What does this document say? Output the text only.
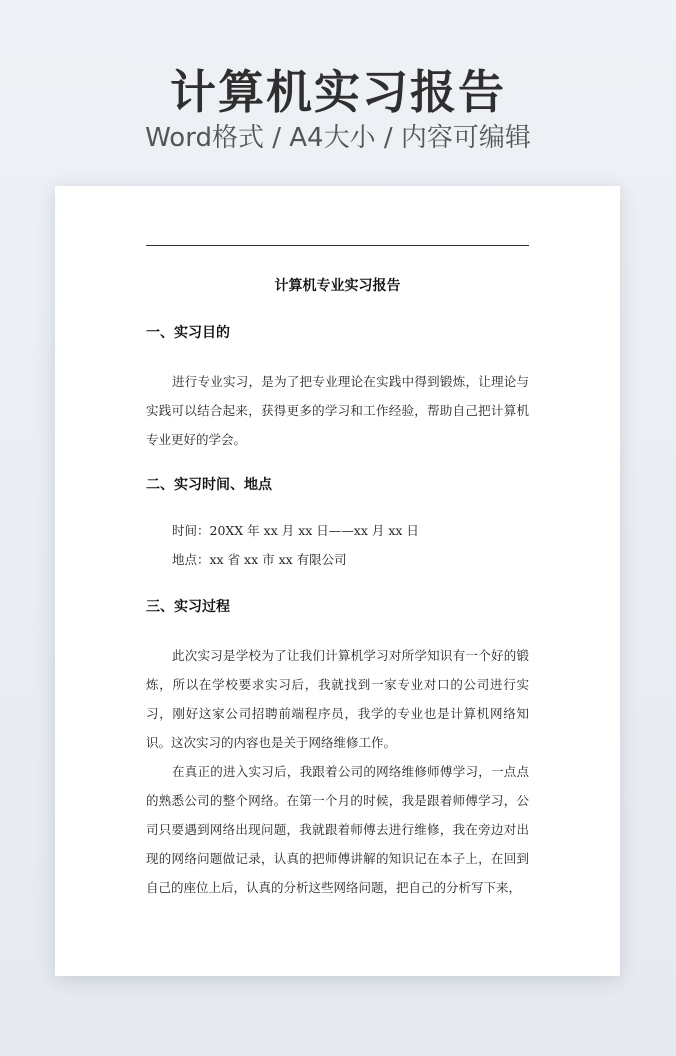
计算机实习报告
Word格式 / A4大小 / 内容可编辑
计算机专业实习报告
一、实习目的
进行专业实习，是为了把专业理论在实践中得到锻炼，让理论与实践可以结合起来，获得更多的学习和工作经验，帮助自己把计算机专业更好的学会。
二、实习时间、地点
时间：20XX 年 xx 月 xx 日——xx 月 xx 日
地点：xx 省 xx 市 xx 有限公司
三、实习过程
此次实习是学校为了让我们计算机学习对所学知识有一个好的锻炼，所以在学校要求实习后，我就找到一家专业对口的公司进行实习，刚好这家公司招聘前端程序员，我学的专业也是计算机网络知识。这次实习的内容也是关于网络维修工作。
在真正的进入实习后，我跟着公司的网络维修师傅学习，一点点的熟悉公司的整个网络。在第一个月的时候，我是跟着师傅学习，公司只要遇到网络出现问题，我就跟着师傅去进行维修，我在旁边对出现的网络问题做记录，认真的把师傅讲解的知识记在本子上，在回到自己的座位上后，认真的分析这些网络问题，把自己的分析写下来，
